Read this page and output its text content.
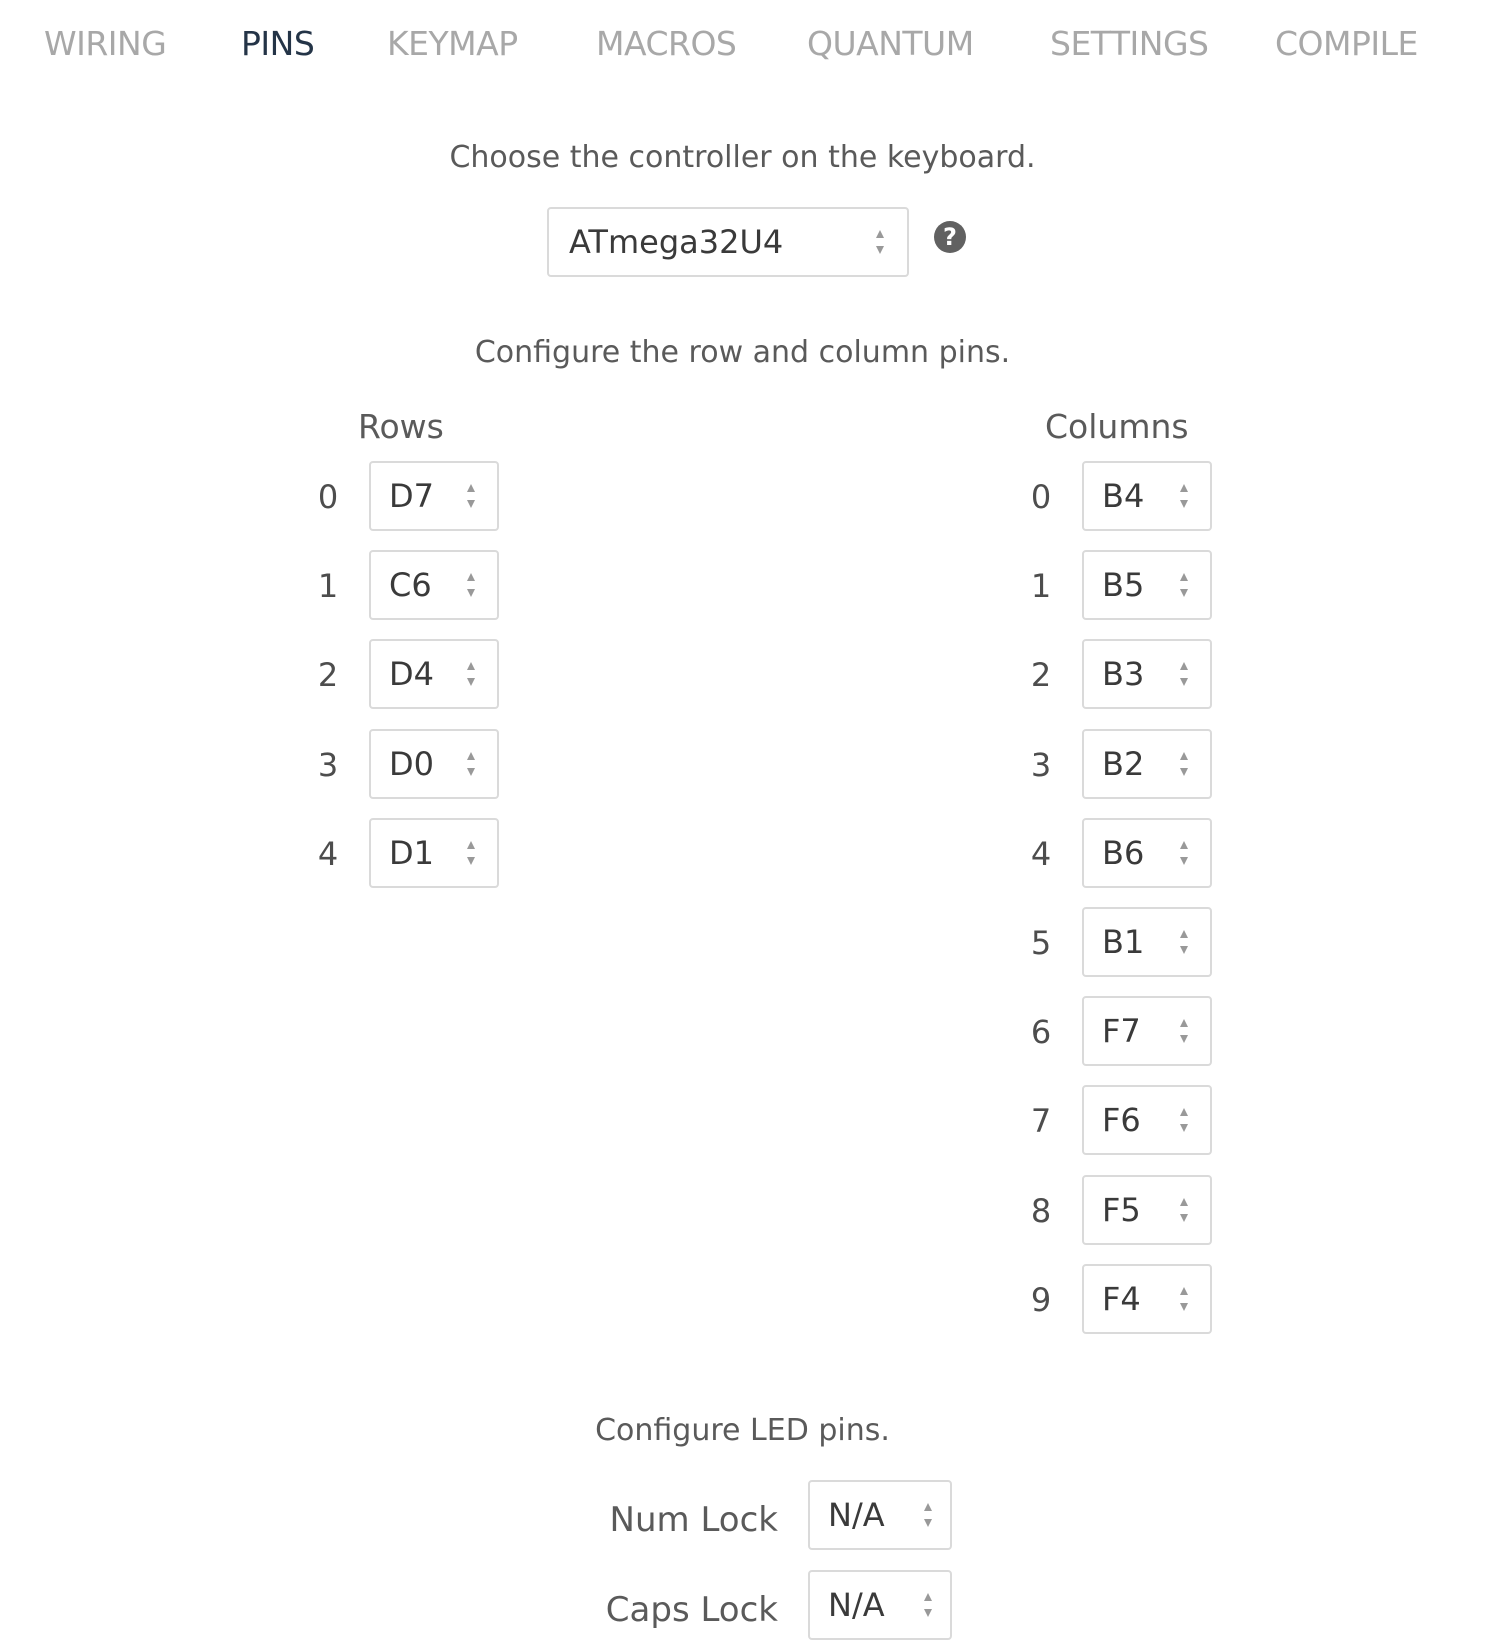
WIRING PINS KEYMAP MACROS QUANTUM SETTINGS COMPILE
Choose the controller on the keyboard.
ATmega32U4	?
Configure the row and column pins.
Rows	Columns
0	D7
1	C6
2	D4
3	D0
4	D1
0	B4
1	B5
2	B3
3	B2
4	B6
5	B1
6	F7
7	F6
8	F5
9	F4
Configure LED pins.
Num Lock N/A
Caps Lock N/A
